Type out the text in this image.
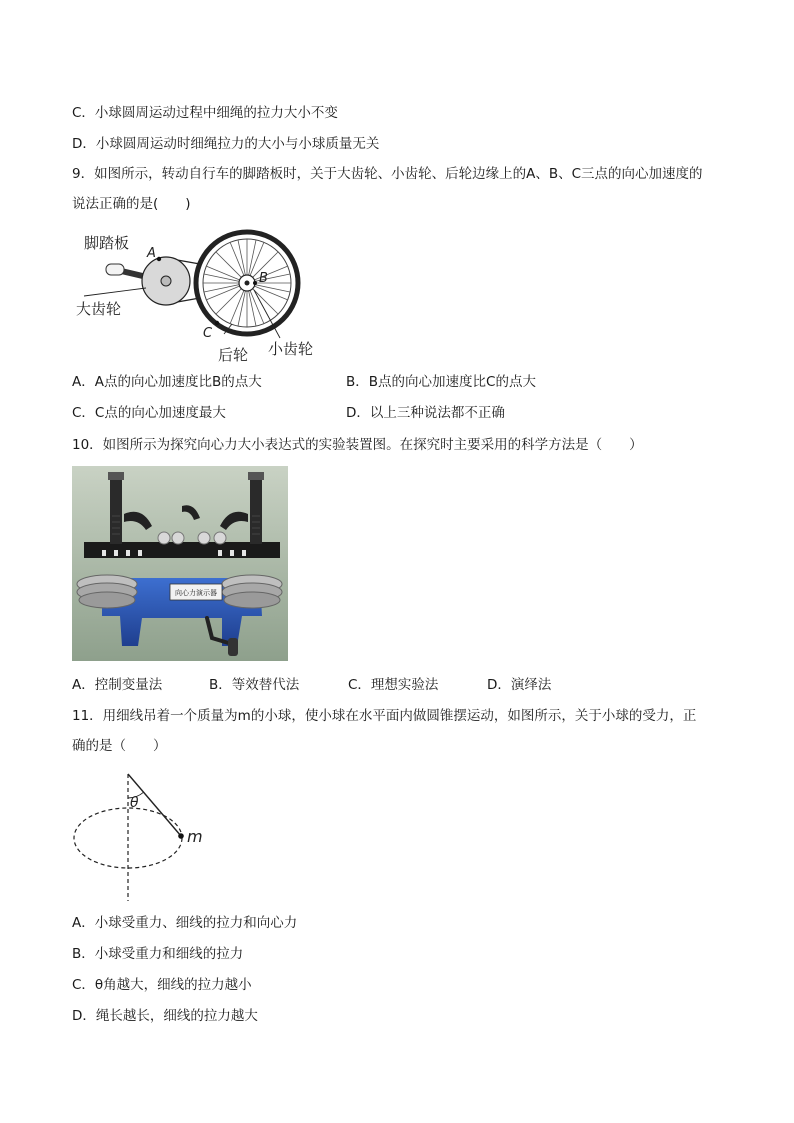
C．小球圆周运动过程中细绳的拉力大小不变
D．小球圆周运动时细绳拉力的大小与小球质量无关
9．如图所示，转动自行车的脚踏板时，关于大齿轮、小齿轮、后轮边缘上的A、B、C三点的向心加速度的
说法正确的是(　　)
脚踏板
大齿轮
后轮 小齿轮
A
B
C
A．A点的向心加速度比B的点大	B．B点的向心加速度比C的点大
C．C点的向心加速度最大	D．以上三种说法都不正确
10．如图所示为探究向心力大小表达式的实验装置图。在探究时主要采用的科学方法是（　　）
向心力演示器
A．控制变量法	B．等效替代法	C．理想实验法	D．演绎法
11．用细线吊着一个质量为m的小球，使小球在水平面内做圆锥摆运动，如图所示，关于小球的受力，正
确的是（　　）
θ
m
A．小球受重力、细线的拉力和向心力
B．小球受重力和细线的拉力
C．θ角越大，细线的拉力越小
D．绳长越长，细线的拉力越大
